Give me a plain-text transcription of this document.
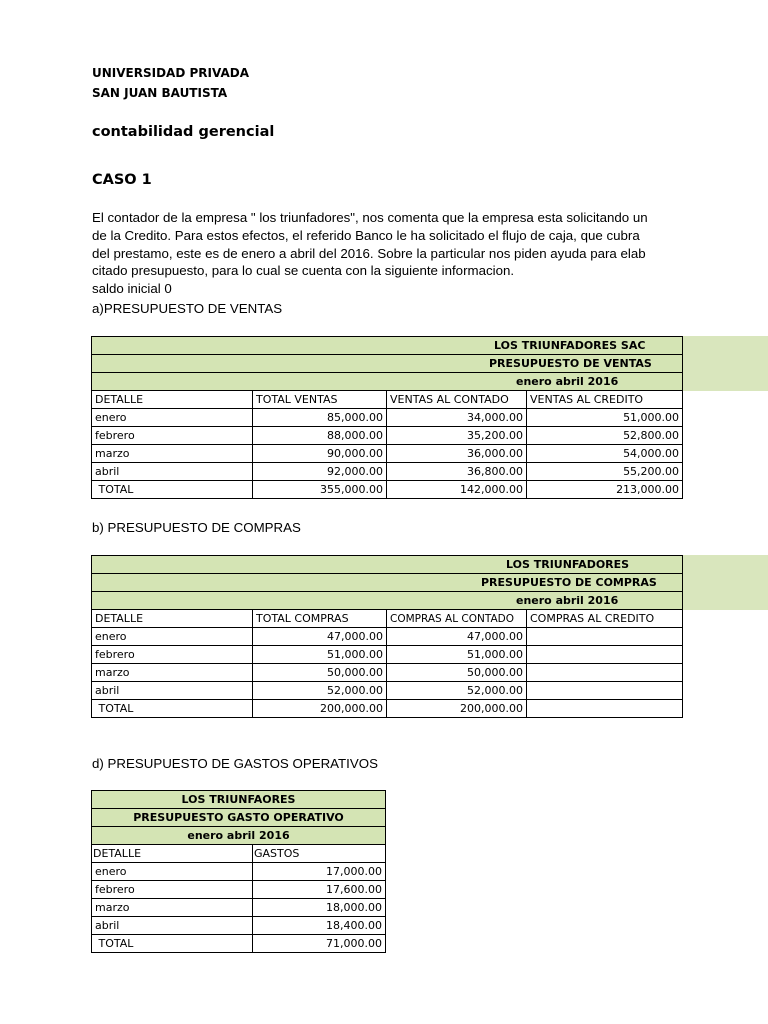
UNIVERSIDAD PRIVADA
SAN JUAN BAUTISTA
contabilidad gerencial
CASO 1
El contador de la empresa " los triunfadores", nos comenta que la empresa esta solicitando un
de la Credito. Para estos efectos, el referido Banco le ha solicitado el flujo de caja, que cubra
del prestamo, este es de enero a abril del 2016. Sobre la particular nos piden ayuda para elab
citado presupuesto, para lo cual se cuenta con la siguiente informacion.
saldo inicial 0
a)PRESUPUESTO DE VENTAS
LOS TRIUNFADORES SAC			
PRESUPUESTO DE VENTAS			
enero abril 2016			
DETALLE	TOTAL VENTAS	VENTAS AL CONTADO	VENTAS AL CREDITO
enero	85,000.00	34,000.00	51,000.00
febrero	88,000.00	35,200.00	52,800.00
marzo	90,000.00	36,000.00	54,000.00
abril	92,000.00	36,800.00	55,200.00
TOTAL	355,000.00	142,000.00	213,000.00
b) PRESUPUESTO DE COMPRAS
LOS TRIUNFADORES			
PRESUPUESTO DE COMPRAS			
enero abril 2016			
DETALLE	TOTAL COMPRAS	COMPRAS AL CONTADO	COMPRAS AL CREDITO
enero	47,000.00	47,000.00	
febrero	51,000.00	51,000.00	
marzo	50,000.00	50,000.00	
abril	52,000.00	52,000.00	
TOTAL	200,000.00	200,000.00	
d) PRESUPUESTO DE GASTOS OPERATIVOS
LOS TRIUNFAORES	
PRESUPUESTO GASTO OPERATIVO	
enero abril 2016	
DETALLE	GASTOS
enero	17,000.00
febrero	17,600.00
marzo	18,000.00
abril	18,400.00
TOTAL	71,000.00
